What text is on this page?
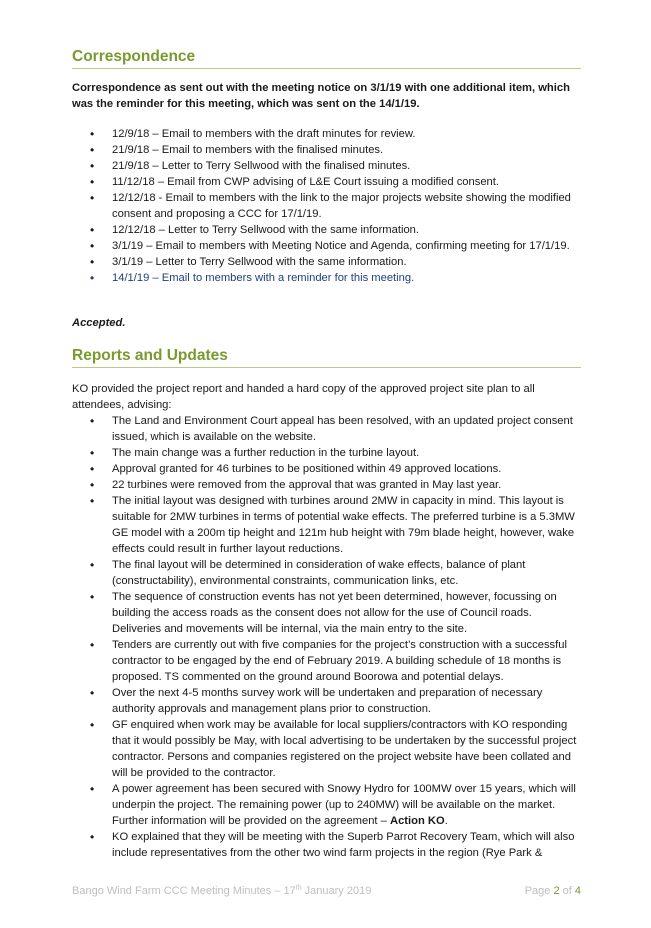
Correspondence
Correspondence as sent out with the meeting notice on 3/1/19 with one additional item, which was the reminder for this meeting, which was sent on the 14/1/19.
• 12/9/18 – Email to members with the draft minutes for review.
• 21/9/18 – Email to members with the finalised minutes.
• 21/9/18 – Letter to Terry Sellwood with the finalised minutes.
• 11/12/18 – Email from CWP advising of L&E Court issuing a modified consent.
• 12/12/18 - Email to members with the link to the major projects website showing the modified consent and proposing a CCC for 17/1/19.
• 12/12/18 – Letter to Terry Sellwood with the same information.
• 3/1/19 – Email to members with Meeting Notice and Agenda, confirming meeting for 17/1/19.
• 3/1/19 – Letter to Terry Sellwood with the same information.
• 14/1/19 – Email to members with a reminder for this meeting.
Accepted.
Reports and Updates
KO provided the project report and handed a hard copy of the approved project site plan to all attendees, advising:
• The Land and Environment Court appeal has been resolved, with an updated project consent issued, which is available on the website.
• The main change was a further reduction in the turbine layout.
• Approval granted for 46 turbines to be positioned within 49 approved locations.
• 22 turbines were removed from the approval that was granted in May last year.
• The initial layout was designed with turbines around 2MW in capacity in mind. This layout is suitable for 2MW turbines in terms of potential wake effects. The preferred turbine is a 5.3MW GE model with a 200m tip height and 121m hub height with 79m blade height, however, wake effects could result in further layout reductions.
• The final layout will be determined in consideration of wake effects, balance of plant (constructability), environmental constraints, communication links, etc.
• The sequence of construction events has not yet been determined, however, focussing on building the access roads as the consent does not allow for the use of Council roads. Deliveries and movements will be internal, via the main entry to the site.
• Tenders are currently out with five companies for the project’s construction with a successful contractor to be engaged by the end of February 2019. A building schedule of 18 months is proposed. TS commented on the ground around Boorowa and potential delays.
• Over the next 4-5 months survey work will be undertaken and preparation of necessary authority approvals and management plans prior to construction.
• GF enquired when work may be available for local suppliers/contractors with KO responding that it would possibly be May, with local advertising to be undertaken by the successful project contractor. Persons and companies registered on the project website have been collated and will be provided to the contractor.
• A power agreement has been secured with Snowy Hydro for 100MW over 15 years, which will underpin the project. The remaining power (up to 240MW) will be available on the market. Further information will be provided on the agreement – Action KO.
• KO explained that they will be meeting with the Superb Parrot Recovery Team, which will also include representatives from the other two wind farm projects in the region (Rye Park &
Bango Wind Farm CCC Meeting Minutes – 17th January 2019	Page 2 of 4
